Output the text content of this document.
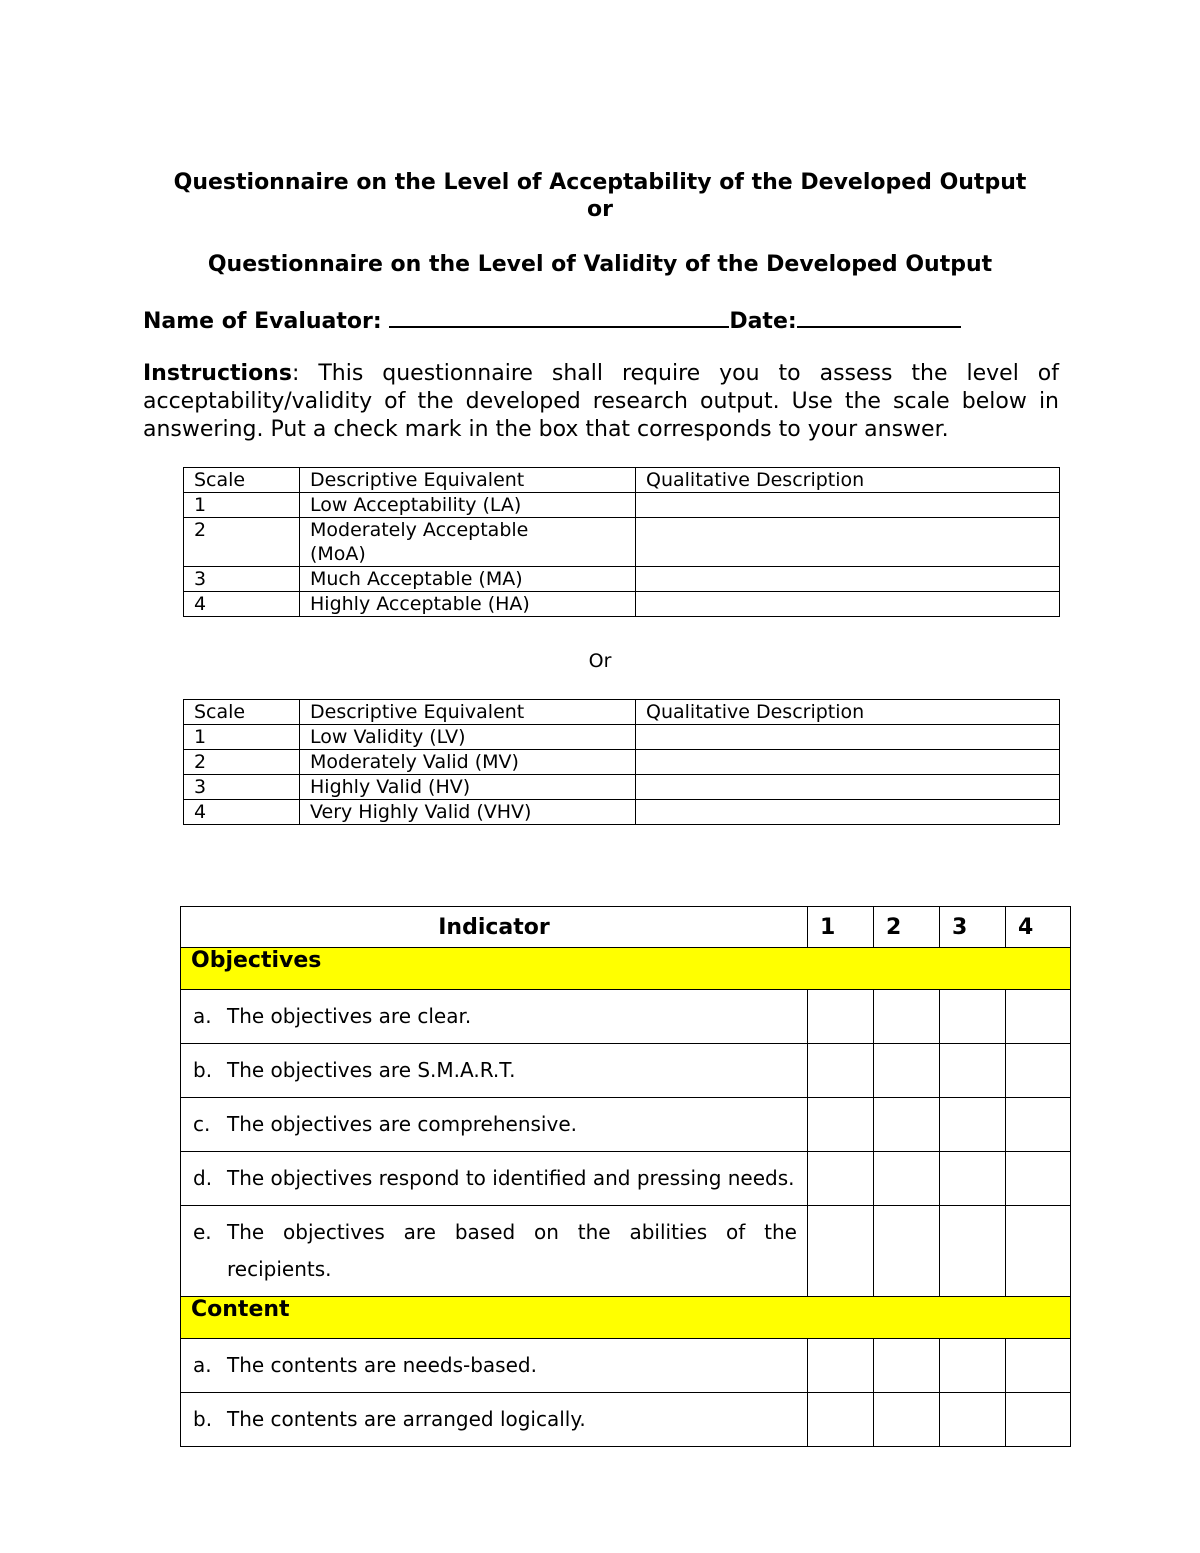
Questionnaire on the Level of Acceptability of the Developed Output
or
Questionnaire on the Level of Validity of the Developed Output
Name of Evaluator:	Date:
Instructions: This questionnaire shall require you to assess the level of acceptability/validity of the developed research output. Use the scale below in answering. Put a check mark in the box that corresponds to your answer.
Scale	Descriptive Equivalent	Qualitative Description
1	Low Acceptability (LA)	
2	Moderately Acceptable (MoA)	
3	Much Acceptable (MA)	
4	Highly Acceptable (HA)	
Or
Scale	Descriptive Equivalent	Qualitative Description
1	Low Validity (LV)	
2	Moderately Valid (MV)	
3	Highly Valid (HV)	
4	Very Highly Valid (VHV)	
Indicator	1	2	3	4
Objectives				

a. The objectives are clear.				

b. The objectives are S.M.A.R.T.				

c. The objectives are comprehensive.				

d. The objectives respond to identified and pressing needs.				

e. The objectives are based on the abilities of the recipients.				

Content				

a. The contents are needs-based.				

b. The contents are arranged logically.				
